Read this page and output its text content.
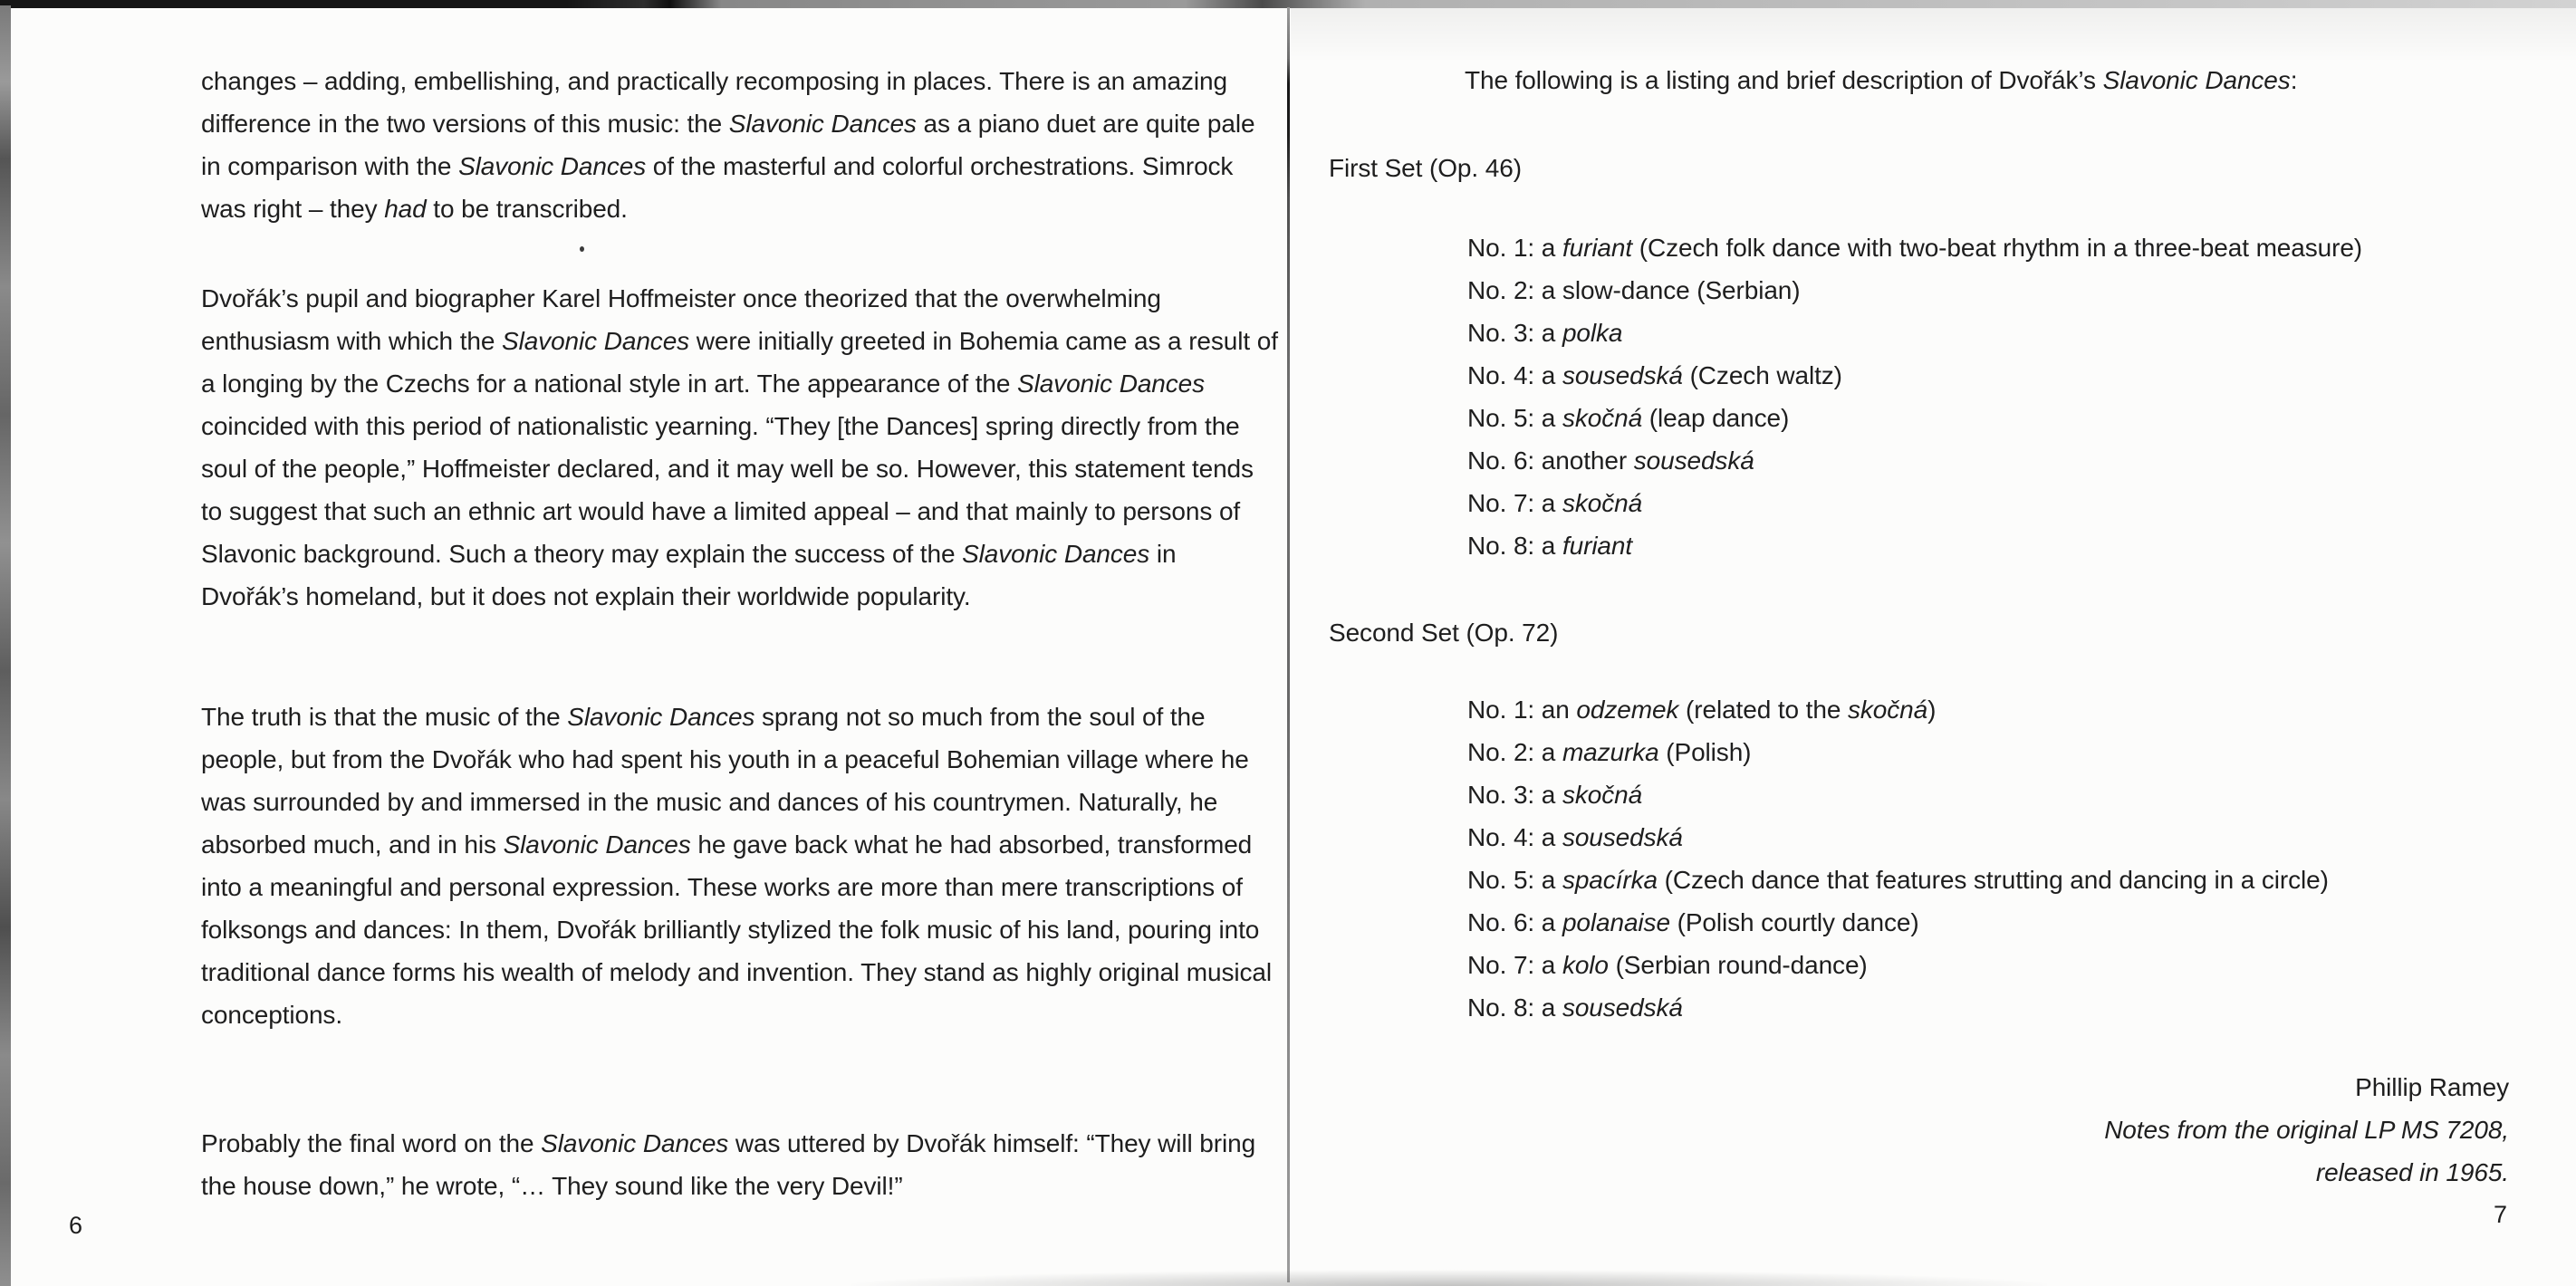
changes – adding, embellishing, and practically recomposing in places. There is an amazing difference in the two versions of this music: the Slavonic Dances as a piano duet are quite pale in comparison with the Slavonic Dances of the masterful and colorful orchestrations. Simrock was right – they had to be transcribed.

Dvořák’s pupil and biographer Karel Hoffmeister once theorized that the overwhelming enthusiasm with which the Slavonic Dances were initially greeted in Bohemia came as a result of a longing by the Czechs for a national style in art. The appearance of the Slavonic Dances coincided with this period of nationalistic yearning. “They [the Dances] spring directly from the soul of the people,” Hoffmeister declared, and it may well be so. However, this statement tends to suggest that such an ethnic art would have a limited appeal – and that mainly to persons of Slavonic background. Such a theory may explain the success of the Slavonic Dances in Dvořák’s homeland, but it does not explain their worldwide popularity.

The truth is that the music of the Slavonic Dances sprang not so much from the soul of the people, but from the Dvořák who had spent his youth in a peaceful Bohemian village where he was surrounded by and immersed in the music and dances of his countrymen. Naturally, he absorbed much, and in his Slavonic Dances he gave back what he had absorbed, transformed into a meaningful and personal expression. These works are more than mere transcriptions of folksongs and dances: In them, Dvořák brilliantly stylized the folk music of his land, pouring into traditional dance forms his wealth of melody and invention. They stand as highly original musical conceptions.

Probably the final word on the Slavonic Dances was uttered by Dvořák himself: “They will bring the house down,” he wrote, “… They sound like the very Devil!”

6

The following is a listing and brief description of Dvořák’s Slavonic Dances:

First Set (Op. 46)
No. 1: a furiant (Czech folk dance with two-beat rhythm in a three-beat measure)
No. 2: a slow-dance (Serbian)
No. 3: a polka
No. 4: a sousedská (Czech waltz)
No. 5: a skočná (leap dance)
No. 6: another sousedská
No. 7: a skočná
No. 8: a furiant
Second Set (Op. 72)
No. 1: an odzemek (related to the skočná)
No. 2: a mazurka (Polish)
No. 3: a skočná
No. 4: a sousedská
No. 5: a spacírka (Czech dance that features strutting and dancing in a circle)
No. 6: a polanaise (Polish courtly dance)
No. 7: a kolo (Serbian round-dance)
No. 8: a sousedská
Phillip Ramey
Notes from the original LP MS 7208,
released in 1965.
7
